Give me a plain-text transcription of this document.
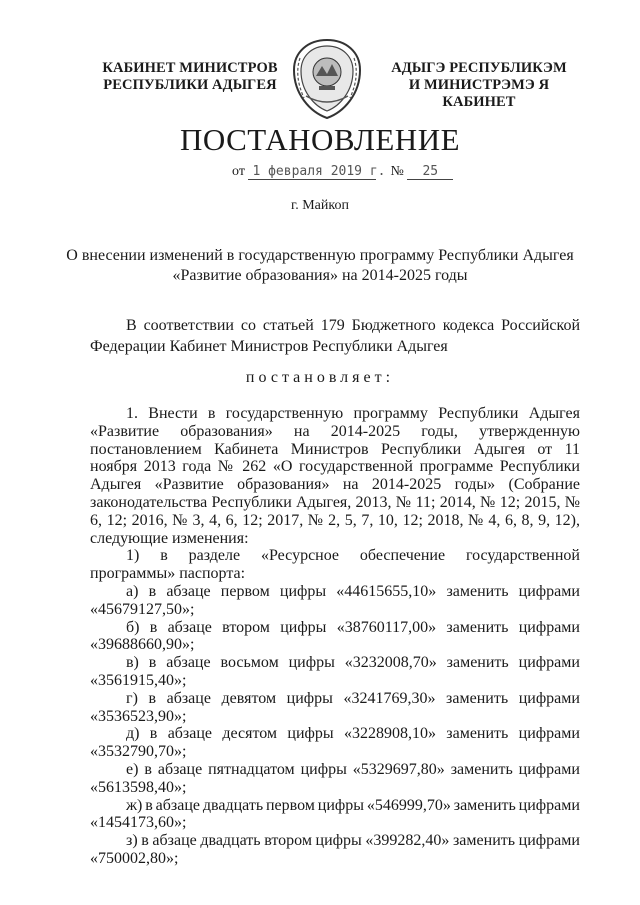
КАБИНЕТ МИНИСТРОВ
РЕСПУБЛИКИ АДЫГЕЯ
АДЫГЭ РЕСПУБЛИКЭМ
И МИНИСТРЭМЭ Я КАБИНЕТ
ПОСТАНОВЛЕНИЕ
от 1 февраля 2019 г. № 25
г. Майкоп
О внесении изменений в государственную программу Республики Адыгея
«Развитие образования» на 2014-2025 годы
В соответствии со статьей 179 Бюджетного кодекса Российской Федерации Кабинет Министров Республики Адыгея
постановляет:

1. Внести в государственную программу Республики Адыгея «Развитие образования» на 2014-2025 годы, утвержденную постановлением Кабинета Министров Республики Адыгея от 11 ноября 2013 года № 262 «О государственной программе Республики Адыгея «Развитие образования» на 2014-2025 годы» (Собрание законодательства Республики Адыгея, 2013, № 11; 2014, № 12; 2015, № 6, 12; 2016, № 3, 4, 6, 12; 2017, № 2, 5, 7, 10, 12; 2018, № 4, 6, 8, 9, 12), следующие изменения:

1) в разделе «Ресурсное обеспечение государственной программы» паспорта:

а) в абзаце первом цифры «44615655,10» заменить цифрами
«45679127,50»;
б) в абзаце втором цифры «38760117,00» заменить цифрами
«39688660,90»;
в) в абзаце восьмом цифры «3232008,70» заменить цифрами
«3561915,40»;
г) в абзаце девятом цифры «3241769,30» заменить цифрами
«3536523,90»;
д) в абзаце десятом цифры «3228908,10» заменить цифрами
«3532790,70»;
е) в абзаце пятнадцатом цифры «5329697,80» заменить цифрами
«5613598,40»;
ж) в абзаце двадцать первом цифры «546999,70» заменить цифрами
«1454173,60»;
з) в абзаце двадцать втором цифры «399282,40» заменить цифрами
«750002,80»;
